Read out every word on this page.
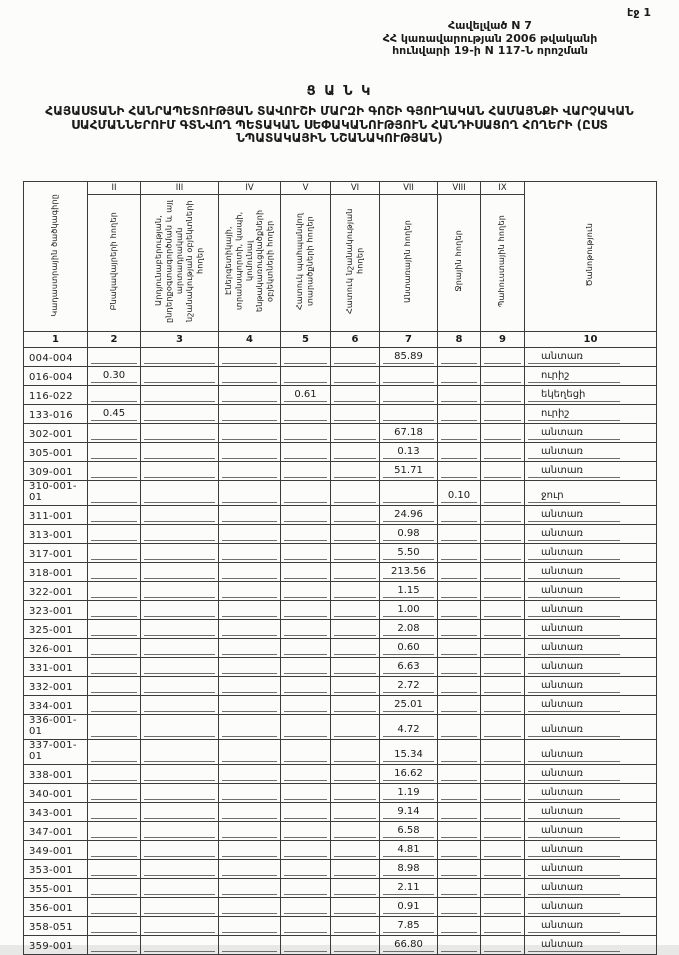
էջ 1
Հավելված N 7
ՀՀ կառավարության 2006 թվականի
հունվարի 19-ի N 117-Ն որոշման
Ց Ա Ն Կ
ՀԱՅԱՍՏԱՆԻ ՀԱՆՐԱՊԵՏՈՒԹՅԱՆ ՏԱՎՈՒՇԻ ՄԱՐԶԻ ԳՈՇԻ ԳՅՈՒՂԱԿԱՆ ՀԱՄԱՅՆՔԻ ՎԱՐՉԱԿԱՆ
ՍԱՀՄԱՆՆԵՐՈՒՄ ԳՏՆՎՈՂ ՊԵՏԱԿԱՆ ՍԵՓԱԿԱՆՈՒԹՅՈՒՆ ՀԱՆԴԻՍԱՑՈՂ ՀՈՂԵՐԻ (ԸՍՏ
ՆՊԱՏԱԿԱՅԻՆ ՆՇԱՆԱԿՈՒԹՅԱՆ)
Կադաստրային ծածկագիրը	II	III	IV	V	VI	VII	VIII	IX	Ծանոթություն
	Բնակավայրերի հողեր	Արդյունաբերության, ընդերքօգտագործման և այլ արտադրական նշանակության օբյեկտների հողեր	Էներգետիկայի, տրանսպորտի, կապի, կոմունալ ենթակառուցվածքների օբյեկտների հողեր	Հատուկ պահպանվող տարածքների հողեր	Հատուկ նշանակության հողեր	Անտառային հողեր	Ջրային հողեր	Պահուստային հողեր	
1	2	3	4	5	6	7	8	9	10
004-004						85.89			անտառ

016-004	0.30								ուրիշ

116-022				0.61					եկեղեցի

133-016	0.45								ուրիշ

302-001						67.18			անտառ

305-001						0.13			անտառ

309-001						51.71			անտառ

310-001-01							0.10		ջուր

311-001						24.96			անտառ

313-001						0.98			անտառ

317-001						5.50			անտառ

318-001						213.56			անտառ

322-001						1.15			անտառ

323-001						1.00			անտառ

325-001						2.08			անտառ

326-001						0.60			անտառ

331-001						6.63			անտառ

332-001						2.72			անտառ

334-001						25.01			անտառ

336-001-01						4.72			անտառ

337-001-01						15.34			անտառ

338-001						16.62			անտառ

340-001						1.19			անտառ

343-001						9.14			անտառ

347-001						6.58			անտառ

349-001						4.81			անտառ

353-001						8.98			անտառ

355-001						2.11			անտառ

356-001						0.91			անտառ

358-051						7.85			անտառ

359-001						66.80			անտառ
